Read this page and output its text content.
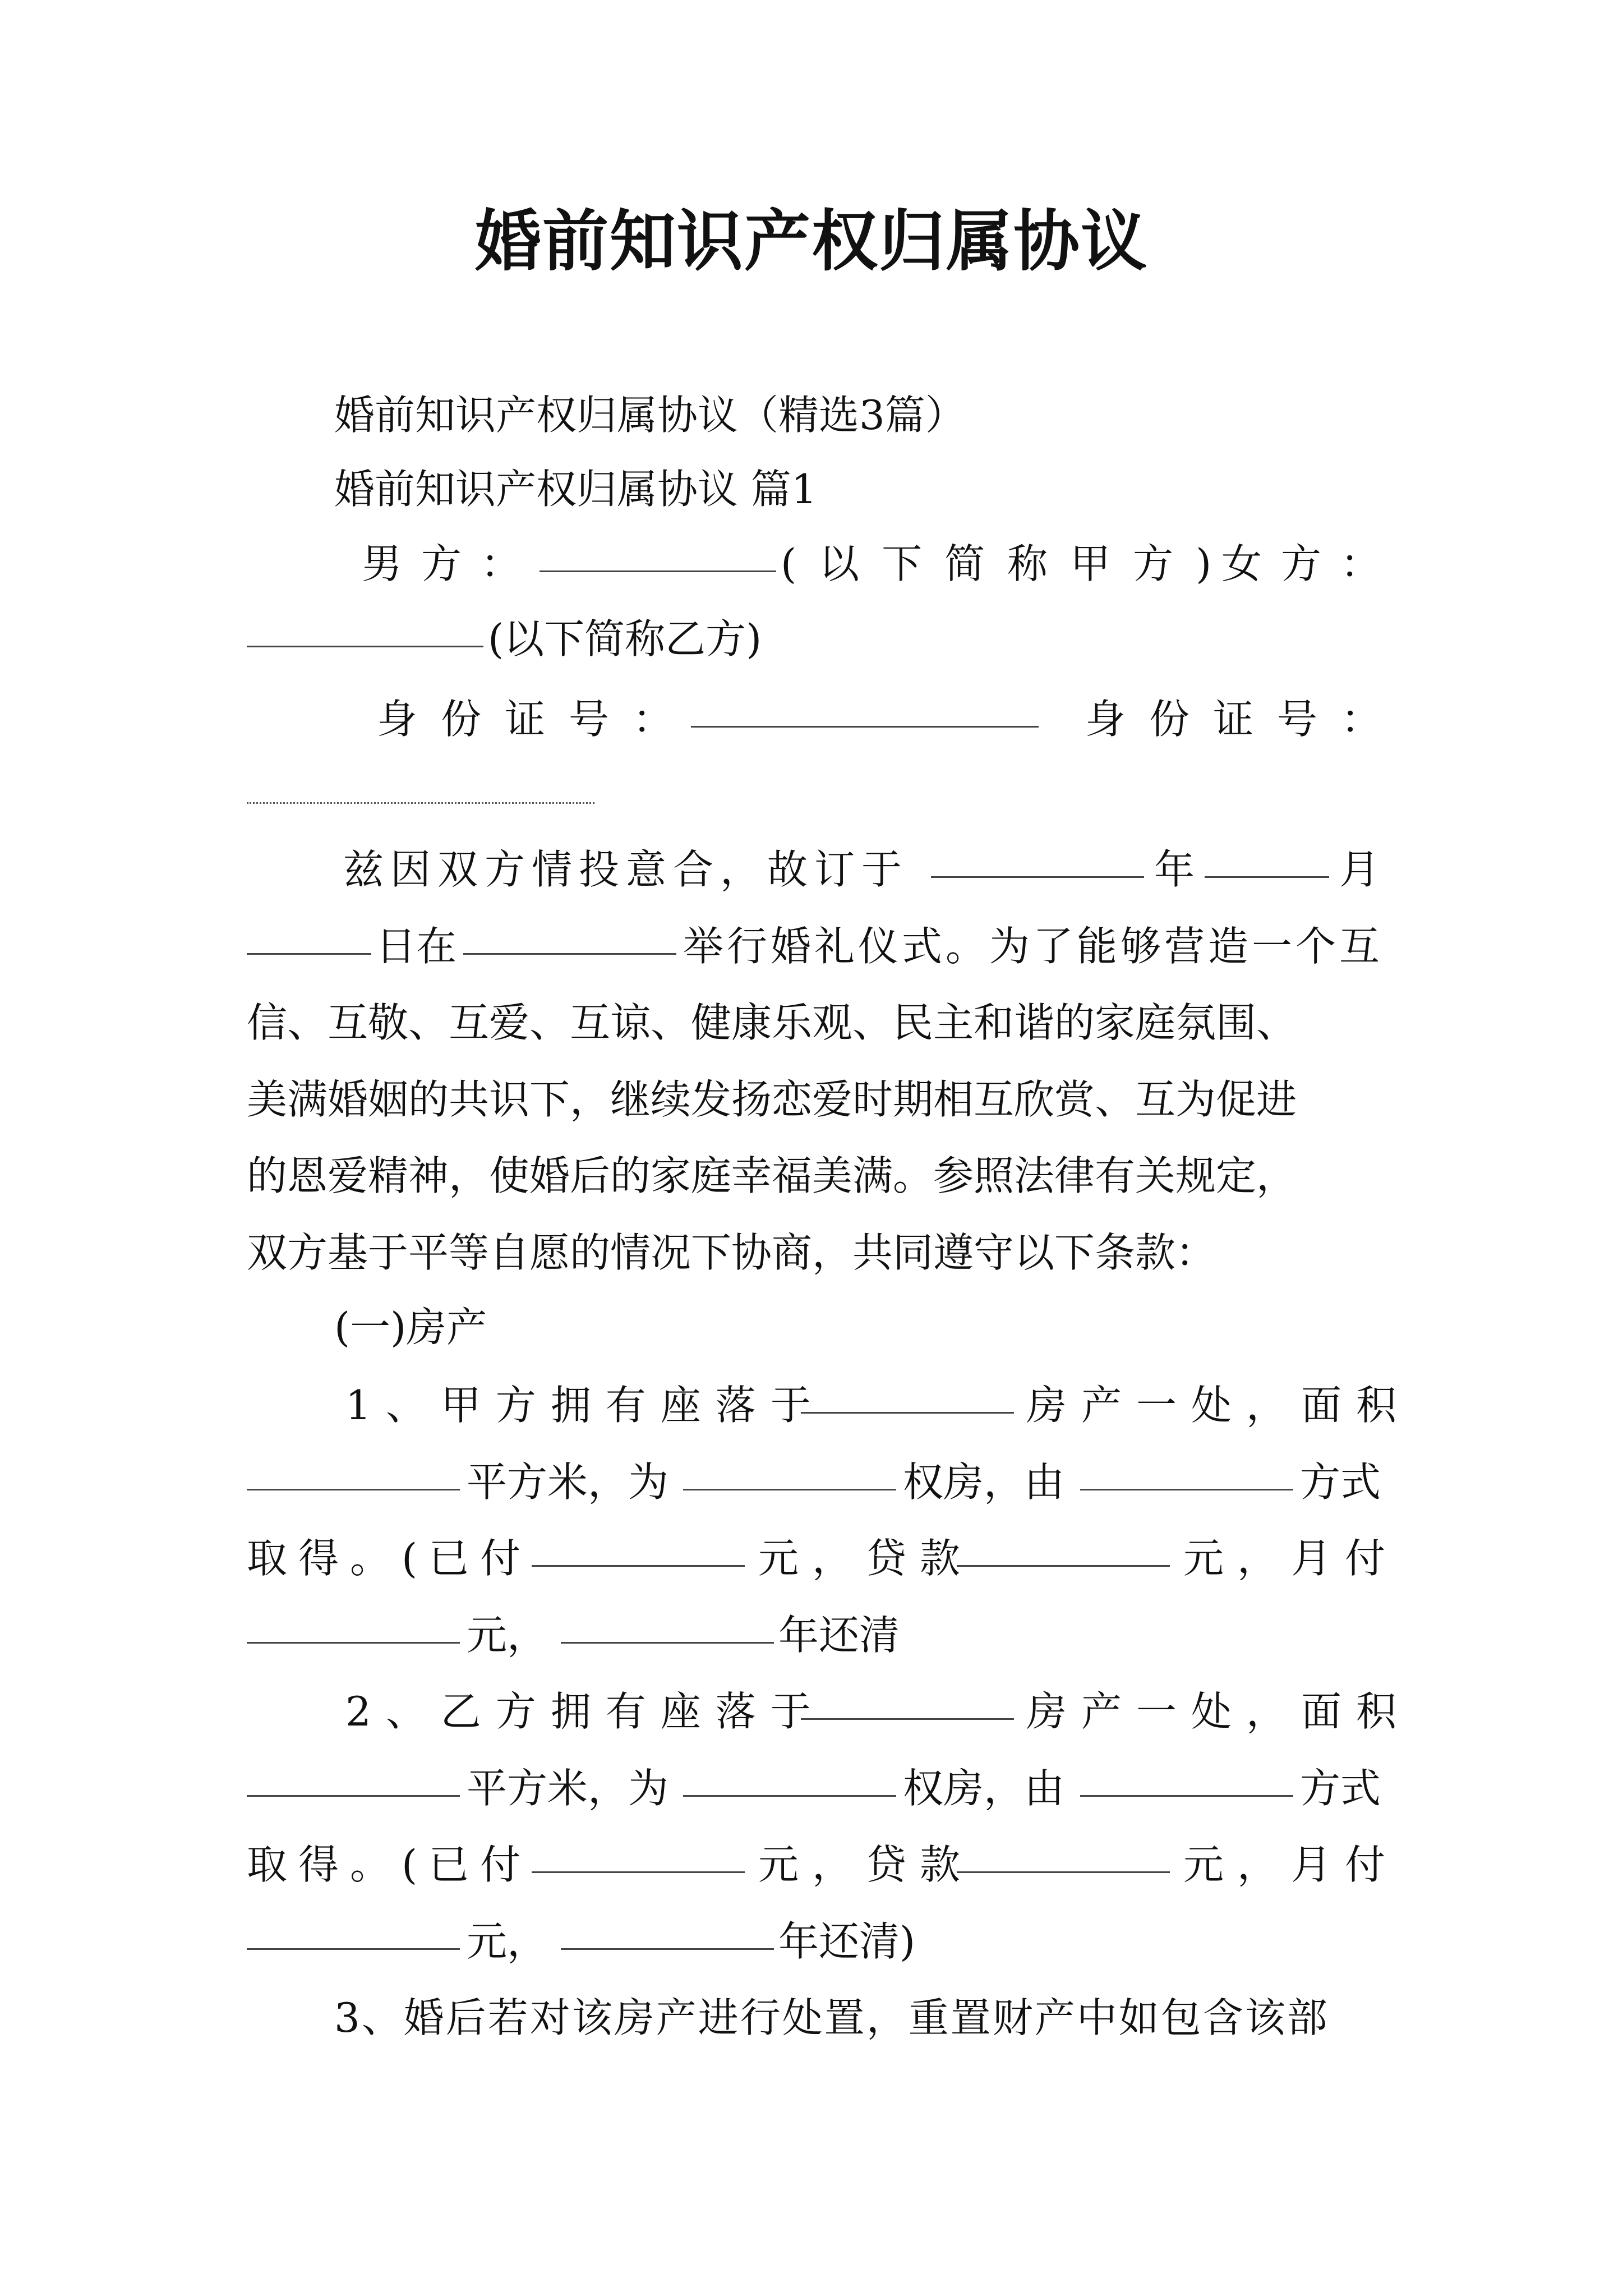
婚前知识产权归属协议
婚前知识产权归属协议（精选3篇）
婚前知识产权归属协议 篇1
男方：	(以下简称甲方)
女方：
(以下简称乙方)
身份证号：	身份证号：
兹因双方情投意合，故订于	年	月
日在	举行婚礼仪式。为了能够营造一个互
信、互敬、互爱、互谅、健康乐观、民主和谐的家庭氛围、
美满婚姻的共识下，继续发扬恋爱时期相互欣赏、互为促进
的恩爱精神，使婚后的家庭幸福美满。参照法律有关规定，
双方基于平等自愿的情况下协商，共同遵守以下条款：
(一)房产
1、甲方拥有座落于	房产一处，面积
平方米，为	权房，由	方式
取得。(已付	元，贷款	元，月付
元，	年还清
2、乙方拥有座落于	房产一处，面积
平方米，为	权房，由	方式
取得。(已付	元，贷款	元，月付
元，	年还清)
3、婚后若对该房产进行处置，重置财产中如包含该部
